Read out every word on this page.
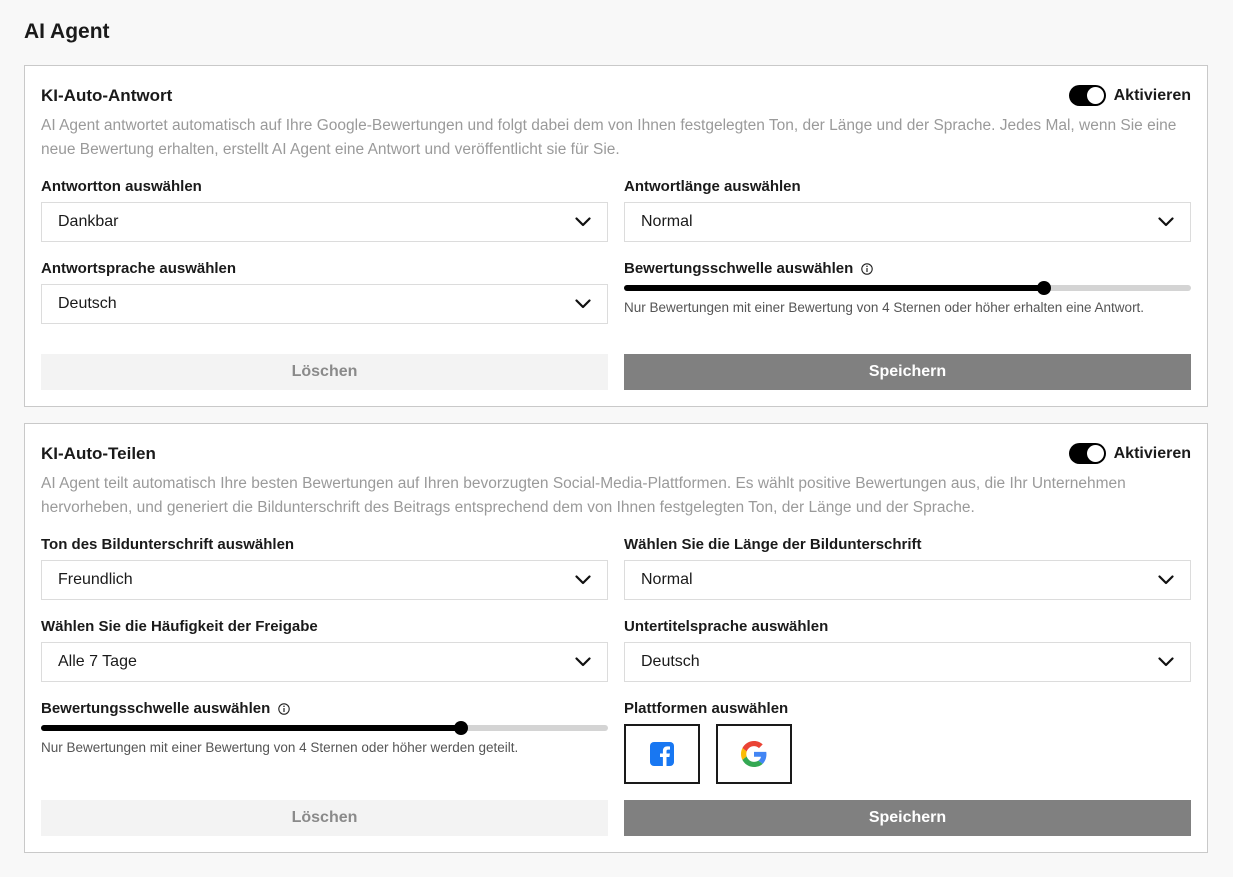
AI Agent
KI-Auto-Antwort	Aktivieren
AI Agent antwortet automatisch auf Ihre Google-Bewertungen und folgt dabei dem von Ihnen festgelegten Ton, der Länge und der Sprache. Jedes Mal, wenn Sie eine neue Bewertung erhalten, erstellt AI Agent eine Antwort und veröffentlicht sie für Sie.
Antwortton auswählen
Dankbar
Antwortlänge auswählen
Normal
Antwortsprache auswählen
Deutsch
Bewertungsschwelle auswählen
Nur Bewertungen mit einer Bewertung von 4 Sternen oder höher erhalten eine Antwort.
Löschen	Speichern
KI-Auto-Teilen	Aktivieren
AI Agent teilt automatisch Ihre besten Bewertungen auf Ihren bevorzugten Social-Media-Plattformen. Es wählt positive Bewertungen aus, die Ihr Unternehmen hervorheben, und generiert die Bildunterschrift des Beitrags entsprechend dem von Ihnen festgelegten Ton, der Länge und der Sprache.
Ton des Bildunterschrift auswählen
Freundlich
Wählen Sie die Länge der Bildunterschrift
Normal
Wählen Sie die Häufigkeit der Freigabe
Alle 7 Tage
Untertitelsprache auswählen
Deutsch
Bewertungsschwelle auswählen
Nur Bewertungen mit einer Bewertung von 4 Sternen oder höher werden geteilt.
Plattformen auswählen
Löschen	Speichern
